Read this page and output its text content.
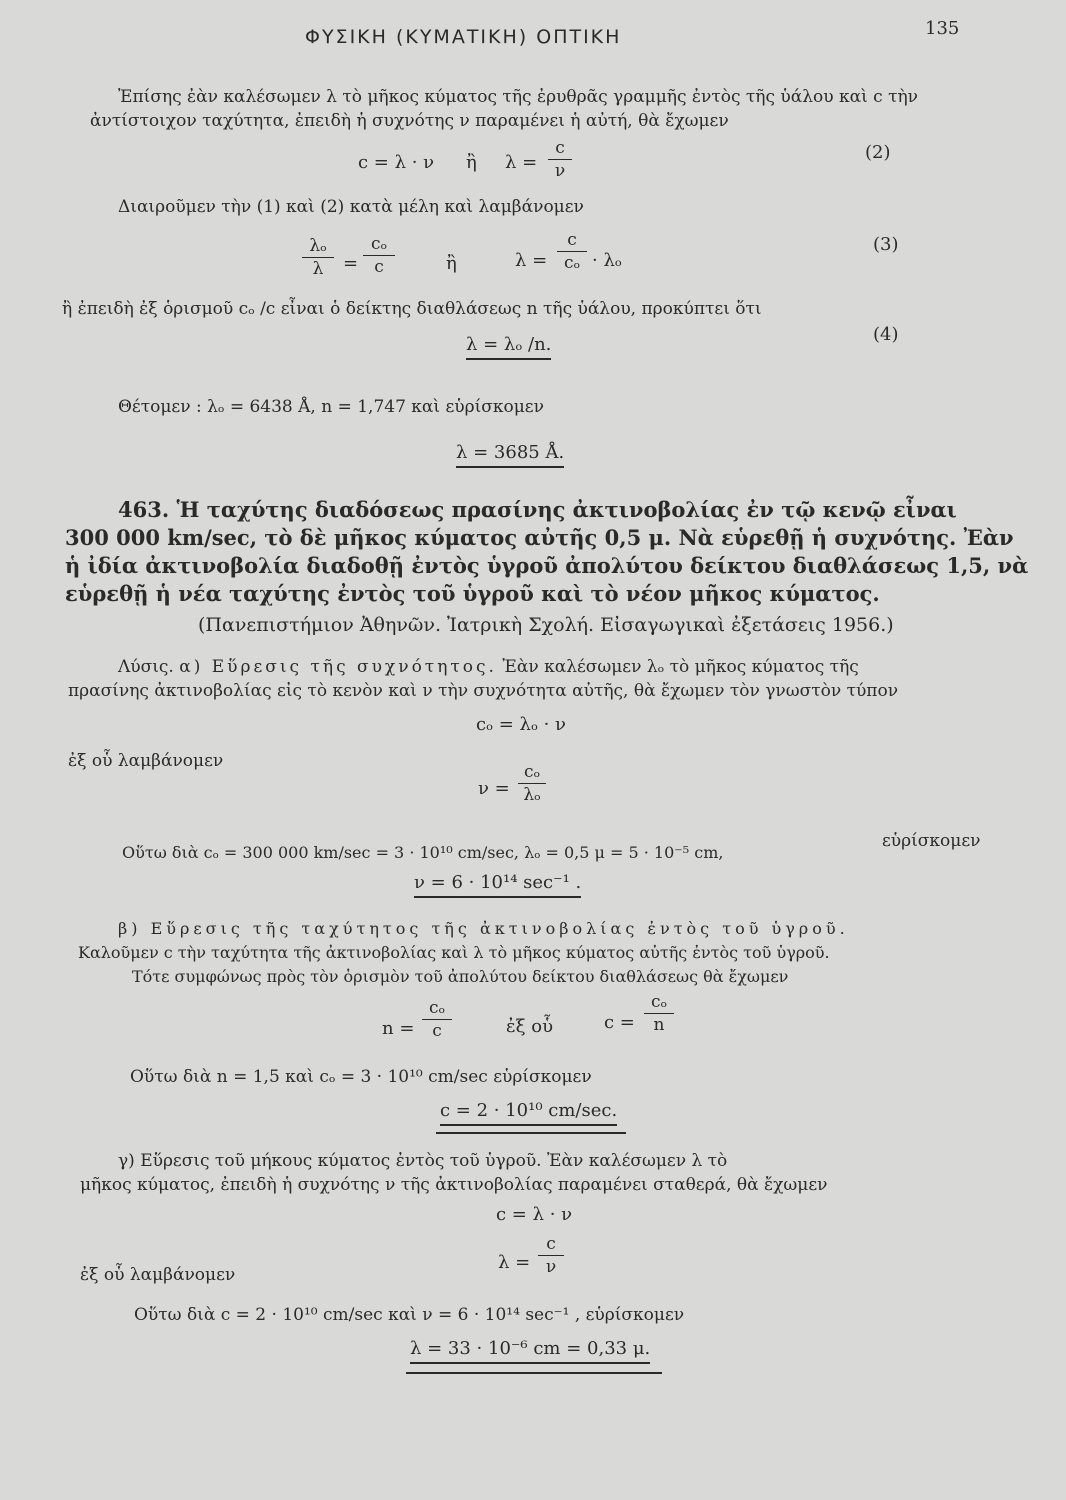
ΦΥΣΙΚΗ (ΚΥΜΑΤΙΚΗ) ΟΠΤΙΚΗ	135
Ἐπίσης ἐὰν καλέσωμεν λ τὸ μῆκος κύματος τῆς ἐρυθρᾶς γραμμῆς ἐντὸς τῆς ὑάλου καὶ c τὴν
ἀντίστοιχον ταχύτητα, ἐπειδὴ ἡ συχνότης ν παραμένει ἡ αὐτή, θὰ ἔχωμεν
c = λ · ν ἢ λ =
c
ν
(2)
Διαιροῦμεν τὴν (1) καὶ (2) κατὰ μέλη καὶ λαμβάνομεν
λₒ
λ	=
cₒ
c	ἢ	λ =
c
cₒ · λₒ
(3)
ἢ ἐπειδὴ ἐξ ὁρισμοῦ cₒ /c εἶναι ὁ δείκτης διαθλάσεως n τῆς ὑάλου, προκύπτει ὅτι
λ = λₒ /n.	(4)
Θέτομεν : λₒ = 6438 Å, n = 1,747 καὶ εὑρίσκομεν
λ = 3685 Å.
463. Ἡ ταχύτης διαδόσεως πρασίνης ἀκτινοβολίας ἐν τῷ κενῷ εἶναι
300 000 km/sec, τὸ δὲ μῆκος κύματος αὐτῆς 0,5 μ. Νὰ εὑρεθῇ ἡ συχνότης. Ἐὰν
ἡ ἰδία ἀκτινοβολία διαδοθῇ ἐντὸς ὑγροῦ ἀπολύτου δείκτου διαθλάσεως 1,5, νὰ
εὑρεθῇ ἡ νέα ταχύτης ἐντὸς τοῦ ὑγροῦ καὶ τὸ νέον μῆκος κύματος.
(Πανεπιστήμιον Ἀθηνῶν. Ἰατρικὴ Σχολή. Εἰσαγωγικαὶ ἐξετάσεις 1956.)
Λύσις. α) Εὕρεσις τῆς συχνότητος. Ἐὰν καλέσωμεν λₒ τὸ μῆκος κύματος τῆς
πρασίνης ἀκτινοβολίας εἰς τὸ κενὸν καὶ ν τὴν συχνότητα αὐτῆς, θὰ ἔχωμεν τὸν γνωστὸν τύπον
cₒ = λₒ · ν
ἐξ οὗ λαμβάνομεν
ν =
cₒ
λₒ
Οὕτω διὰ cₒ = 300 000 km/sec = 3 · 10¹⁰ cm/sec, λₒ = 0,5 μ = 5 · 10⁻⁵ cm,
εὑρίσκομεν
ν = 6 · 10¹⁴ sec⁻¹ .
β) Εὕρεσις τῆς ταχύτητος τῆς ἀκτινοβολίας ἐντὸς τοῦ ὑγροῦ.
Καλοῦμεν c τὴν ταχύτητα τῆς ἀκτινοβολίας καὶ λ τὸ μῆκος κύματος αὐτῆς ἐντὸς τοῦ ὑγροῦ.
Τότε συμφώνως πρὸς τὸν ὁρισμὸν τοῦ ἀπολύτου δείκτου διαθλάσεως θὰ ἔχωμεν
n =
cₒ
c	ἐξ οὗ	c =
cₒ
n
Οὕτω διὰ n = 1,5 καὶ cₒ = 3 · 10¹⁰ cm/sec εὑρίσκομεν
c = 2 · 10¹⁰ cm/sec.
γ) Εὕρεσις τοῦ μήκους κύματος ἐντὸς τοῦ ὑγροῦ. Ἐὰν καλέσωμεν λ τὸ
μῆκος κύματος, ἐπειδὴ ἡ συχνότης ν τῆς ἀκτινοβολίας παραμένει σταθερά, θὰ ἔχωμεν
c = λ · ν
ἐξ οὗ λαμβάνομεν
λ =
c
ν
Οὕτω διὰ c = 2 · 10¹⁰ cm/sec καὶ ν = 6 · 10¹⁴ sec⁻¹ , εὑρίσκομεν
λ = 33 · 10⁻⁶ cm = 0,33 μ.
